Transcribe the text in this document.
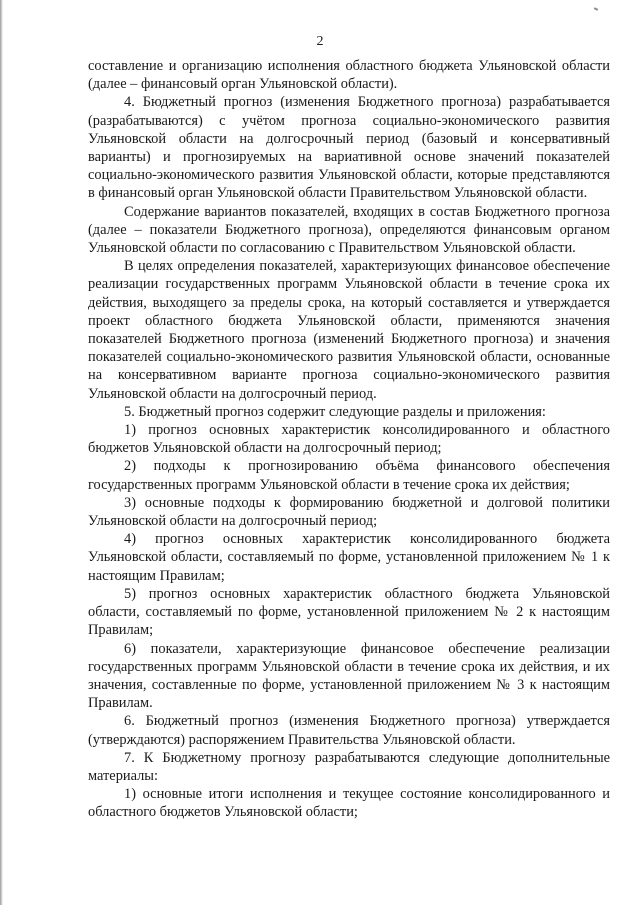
2

составление и организацию исполнения областного бюджета Ульяновской области (далее – финансовый орган Ульяновской области).

4. Бюджетный прогноз (изменения Бюджетного прогноза) разрабатывается (разрабатываются) с учётом прогноза социально-экономического развития Ульяновской области на долгосрочный период (базовый и консервативный варианты) и прогнозируемых на вариативной основе значений показателей социально-экономического развития Ульяновской области, которые представляются в финансовый орган Ульяновской области Правительством Ульяновской области.

Содержание вариантов показателей, входящих в состав Бюджетного прогноза (далее – показатели Бюджетного прогноза), определяются финансовым органом Ульяновской области по согласованию с Правительством Ульяновской области.

В целях определения показателей, характеризующих финансовое обеспечение реализации государственных программ Ульяновской области в течение срока их действия, выходящего за пределы срока, на который составляется и утверждается проект областного бюджета Ульяновской области, применяются значения показателей Бюджетного прогноза (изменений Бюджетного прогноза) и значения показателей социально-экономического развития Ульяновской области, основанные на консервативном варианте прогноза социально-экономического развития Ульяновской области на долгосрочный период.

5. Бюджетный прогноз содержит следующие разделы и приложения:

1) прогноз основных характеристик консолидированного и областного бюджетов Ульяновской области на долгосрочный период;

2) подходы к прогнозированию объёма финансового обеспечения государственных программ Ульяновской области в течение срока их действия;

3) основные подходы к формированию бюджетной и долговой политики Ульяновской области на долгосрочный период;

4) прогноз основных характеристик консолидированного бюджета Ульяновской области, составляемый по форме, установленной приложением № 1 к настоящим Правилам;

5) прогноз основных характеристик областного бюджета Ульяновской области, составляемый по форме, установленной приложением № 2 к настоящим Правилам;

6) показатели, характеризующие финансовое обеспечение реализации государственных программ Ульяновской области в течение срока их действия, и их значения, составленные по форме, установленной приложением № 3 к настоящим Правилам.

6. Бюджетный прогноз (изменения Бюджетного прогноза) утверждается (утверждаются) распоряжением Правительства Ульяновской области.

7. К Бюджетному прогнозу разрабатываются следующие дополнительные материалы:

1) основные итоги исполнения и текущее состояние консолидированного и областного бюджетов Ульяновской области;
